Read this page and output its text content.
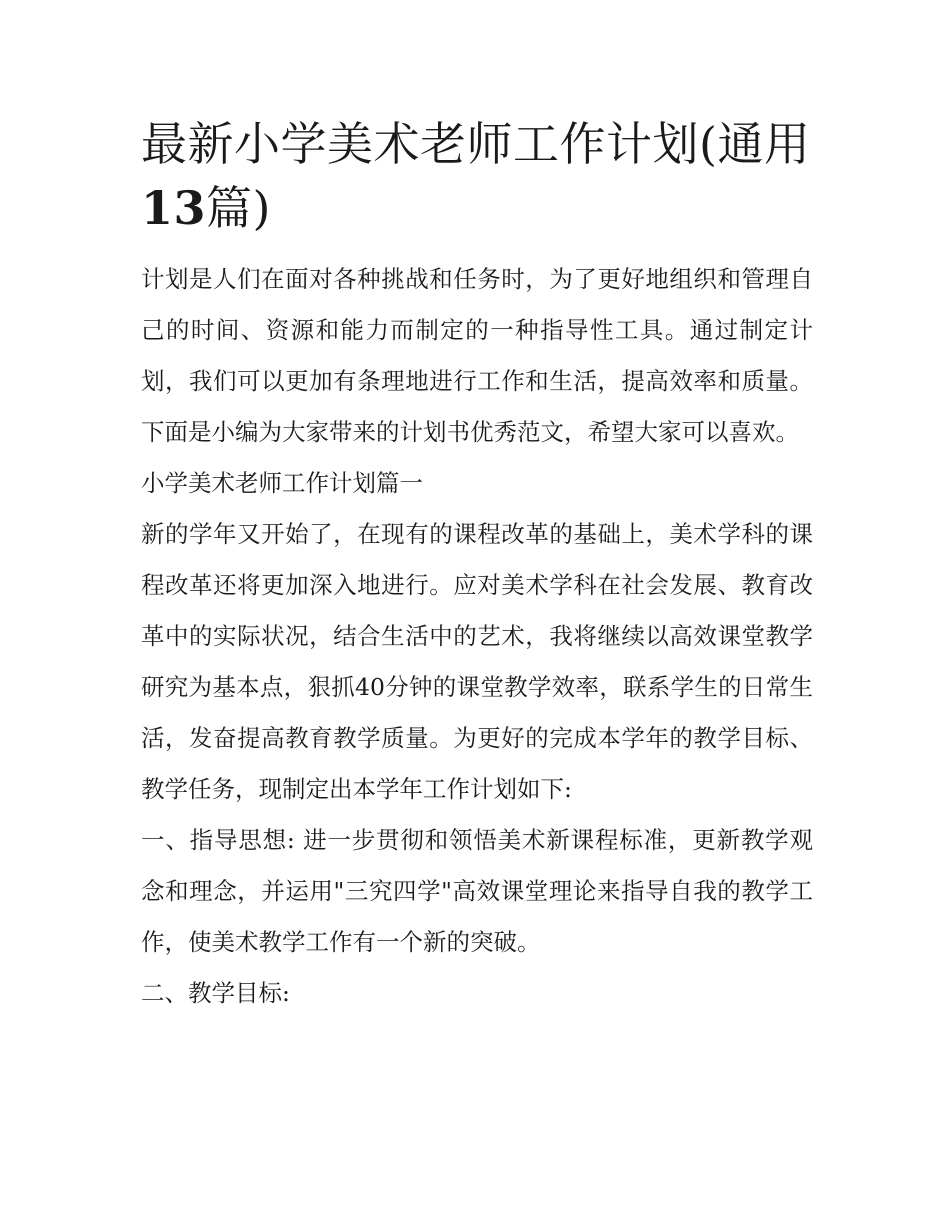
最新小学美术老师工作计划(通用13篇)

计划是人们在面对各种挑战和任务时，为了更好地组织和管理自己的时间、资源和能力而制定的一种指导性工具。通过制定计划，我们可以更加有条理地进行工作和生活，提高效率和质量。下面是小编为大家带来的计划书优秀范文，希望大家可以喜欢。

小学美术老师工作计划篇一

新的学年又开始了，在现有的课程改革的基础上，美术学科的课程改革还将更加深入地进行。应对美术学科在社会发展、教育改革中的实际状况，结合生活中的艺术，我将继续以高效课堂教学研究为基本点，狠抓40分钟的课堂教学效率，联系学生的日常生活，发奋提高教育教学质量。为更好的完成本学年的教学目标、教学任务，现制定出本学年工作计划如下:

一、指导思想: 进一步贯彻和领悟美术新课程标准，更新教学观念和理念，并运用"三究四学"高效课堂理论来指导自我的教学工作，使美术教学工作有一个新的突破。

二、教学目标:
